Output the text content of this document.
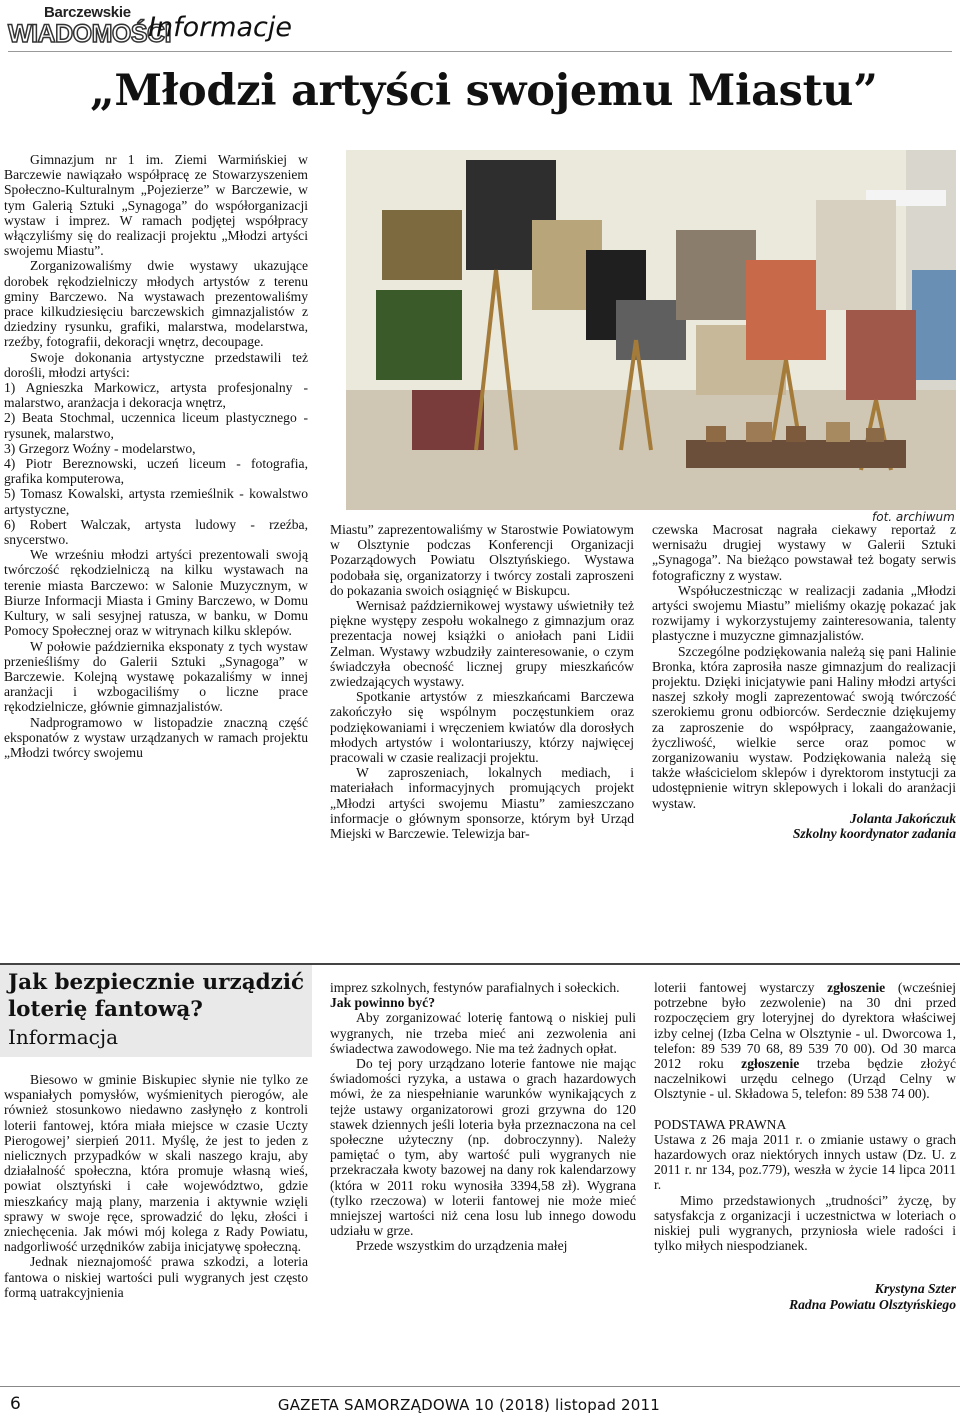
Barczewskie
WIADOMOŚCI
Informacje
„Młodzi artyści swojemu Miastu”

Gimnazjum nr 1 im. Ziemi Warmińskiej w Barczewie nawiązało współpracę ze Stowarzyszeniem Społeczno-Kulturalnym „Pojezierze” w Barczewie, w tym Galerią Sztuki „Synagoga” do współorganizacji wystaw i imprez. W ramach podjętej współpracy włączyliśmy się do realizacji projektu „Młodzi artyści swojemu Miastu”.

Zorganizowaliśmy dwie wystawy ukazujące dorobek rękodzielniczy młodych artystów z terenu gminy Barczewo. Na wystawach prezentowaliśmy prace kilkudziesięciu barczewskich gimnazjalistów z dziedziny rysunku, grafiki, malarstwa, modelarstwa, rzeźby, fotografii, dekoracji wnętrz, decoupage.

Swoje dokonania artystyczne przedstawili też dorośli, młodzi artyści:

1) Agnieszka Markowicz, artysta profesjonalny - malarstwo, aranżacja i dekoracja wnętrz,

2) Beata Stochmal, uczennica liceum plastycznego - rysunek, malarstwo,

3) Grzegorz Woźny - modelarstwo,

4) Piotr Bereznowski, uczeń liceum - fotografia, grafika komputerowa,

5) Tomasz Kowalski, artysta rzemieślnik - kowalstwo artystyczne,

6) Robert Walczak, artysta ludowy - rzeźba, snycerstwo.

We wrześniu młodzi artyści prezentowali swoją twórczość rękodzielniczą na kilku wystawach na terenie miasta Barczewo: w Salonie Muzycznym, w Biurze Informacji Miasta i Gminy Barczewo, w Domu Kultury, w sali sesyjnej ratusza, w banku, w Domu Pomocy Społecznej oraz w witrynach kilku sklepów.

W połowie października eksponaty z tych wystaw przenieśliśmy do Galerii Sztuki „Synagoga” w Barczewie. Kolejną wystawę pokazaliśmy w innej aranżacji i wzbogaciliśmy o liczne prace rękodzielnicze, głównie gimnazjalistów.

Nadprogramowo w listopadzie znaczną część eksponatów z wystaw urządzanych w ramach projektu „Młodzi twórcy swojemu

fot. archiwum

Miastu” zaprezentowaliśmy w Starostwie Powiatowym w Olsztynie podczas Konferencji Organizacji Pozarządowych Powiatu Olsztyńskiego. Wystawa podobała się, organizatorzy i twórcy zostali zaproszeni do pokazania swoich osiągnięć w Biskupcu.

Wernisaż październikowej wystawy uświetniły też piękne występy zespołu wokalnego z gimnazjum oraz prezentacja nowej książki o aniołach pani Lidii Zelman. Wystawy wzbudziły zainteresowanie, o czym świadczyła obecność licznej grupy mieszkańców zwiedzających wystawy.

Spotkanie artystów z mieszkańcami Barczewa zakończyło się wspólnym poczęstunkiem oraz podziękowaniami i wręczeniem kwiatów dla dorosłych młodych artystów i wolontariuszy, którzy najwięcej pracowali w czasie realizacji projektu.

W zaproszeniach, lokalnych mediach, i materiałach informacyjnych promujących projekt „Młodzi artyści swojemu Miastu” zamieszczano informacje o głównym sponsorze, którym był Urząd Miejski w Barczewie. Telewizja bar-

czewska Macrosat nagrała ciekawy reportaż z wernisażu drugiej wystawy w Galerii Sztuki „Synagoga”. Na bieżąco powstawał też bogaty serwis fotograficzny z wystaw.

Współuczestnicząc w realizacji zadania „Młodzi artyści swojemu Miastu” mieliśmy okazję pokazać jak rozwijamy i wykorzystujemy zainteresowania, talenty plastyczne i muzyczne gimnazjalistów.

Szczególne podziękowania należą się pani Halinie Bronka, która zaprosiła nasze gimnazjum do realizacji projektu. Dzięki inicjatywie pani Haliny młodzi artyści naszej szkoły mogli zaprezentować swoją twórczość szerokiemu gronu odbiorców. Serdecznie dziękujemy za zaproszenie do współpracy, zaangażowanie, życzliwość, wielkie serce oraz pomoc w zorganizowaniu wystaw. Podziękowania należą się także właścicielom sklepów i dyrektorom instytucji za udostępnienie witryn sklepowych i lokali do aranżacji wystaw.

Jolanta Jakończuk

Szkolny koordynator zadania

Jak bezpiecznie urządzić loterię fantową?
Informacja

Biesowo w gminie Biskupiec słynie nie tylko ze wspaniałych pomysłów, wyśmienitych pierogów, ale również stosunkowo niedawno zasłynęło z kontroli loterii fantowej, która miała miejsce w czasie Uczty Pierogowej’ sierpień 2011. Myślę, że jest to jeden z nielicznych przypadków w skali naszego kraju, aby działalność społeczna, która promuje własną wieś, powiat olsztyński i całe województwo, gdzie mieszkańcy mają plany, marzenia i aktywnie wzięli sprawy w swoje ręce, sprowadzić do lęku, złości i zniechęcenia. Jak mówi mój kolega z Rady Powiatu, nadgorliwość urzędników zabija inicjatywę społeczną.

Jednak nieznajomość prawa szkodzi, a loteria fantowa o niskiej wartości puli wygranych jest często formą uatrakcyjnienia

imprez szkolnych, festynów parafialnych i sołeckich.

Jak powinno być?

Aby zorganizować loterię fantową o niskiej puli wygranych, nie trzeba mieć ani zezwolenia ani świadectwa zawodowego. Nie ma też żadnych opłat.

Do tej pory urządzano loterie fantowe nie mając świadomości ryzyka, a ustawa o grach hazardowych mówi, że za niespełnianie warunków wynikających z tejże ustawy organizatorowi grozi grzywna do 120 stawek dziennych jeśli loteria była przeznaczona na cel społeczne użyteczny (np. dobroczynny). Należy pamiętać o tym, aby wartość puli wygranych nie przekraczała kwoty bazowej na dany rok kalendarzowy (która w 2011 roku wynosiła 3394,58 zł). Wygrana (tylko rzeczowa) w loterii fantowej nie może mieć mniejszej wartości niż cena losu lub innego dowodu udziału w grze.

Przede wszystkim do urządzenia małej

loterii fantowej wystarczy zgłoszenie (wcześniej potrzebne było zezwolenie) na 30 dni przed rozpoczęciem gry loteryjnej do dyrektora właściwej izby celnej (Izba Celna w Olsztynie - ul. Dworcowa 1, telefon: 89 539 70 68, 89 539 70 00). Od 30 marca 2012 roku zgłoszenie trzeba będzie złożyć naczelnikowi urzędu celnego (Urząd Celny w Olsztynie - ul. Składowa 5, telefon: 89 538 74 00).

PODSTAWA PRAWNA

Ustawa z 26 maja 2011 r. o zmianie ustawy o grach hazardowych oraz niektórych innych ustaw (Dz. U. z 2011 r. nr 134, poz.779), weszła w życie 14 lipca 2011 r.

Mimo przedstawionych „trudności” życzę, by satysfakcja z organizacji i uczestnictwa w loteriach o niskiej puli wygranych, przyniosła wiele radości i tylko miłych niespodzianek.

Krystyna Szter

Radna Powiatu Olsztyńskiego

6	GAZETA SAMORZĄDOWA 10 (2018) listopad 2011
